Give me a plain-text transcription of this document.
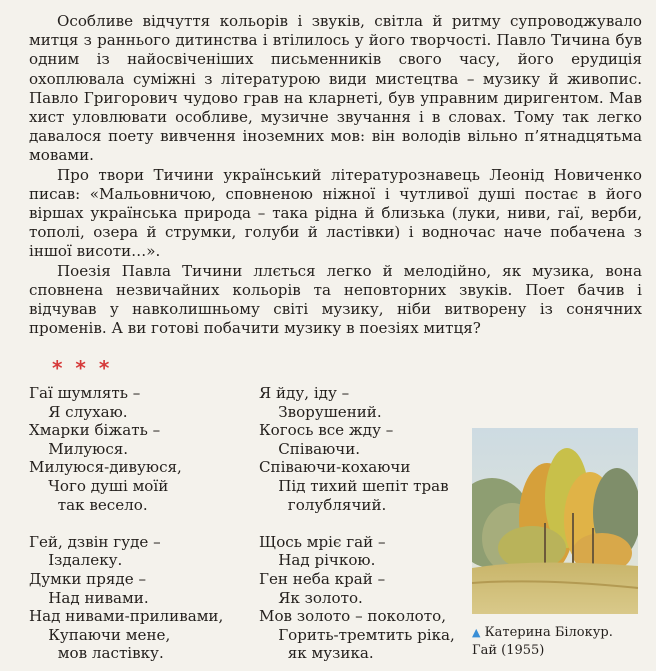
Особливе відчуття кольорів і звуків, світла й ритму супроводжувало митця з раннього дитинства і втілилось у його творчості. Павло Тичина був одним із найосвіченіших письменників свого часу, його ерудиція охоплювала суміжні з літературою види мистецтва – музику й живопис. Павло Григорович чудово грав на кларнеті, був управним диригентом. Мав хист уловлювати особливе, музичне звучання і в словах. Тому так легко давалося поету вивчення іноземних мов: він володів вільно п’ятнадцятьма мовами.

Про твори Тичини український літературознавець Леонід Новиченко писав: «Мальовничою, сповненою ніжної і чутливої душі постає в його віршах українська природа – така рідна й близька (луки, ниви, гаї, верби, тополі, озера й струмки, голуби й ластівки) і водночас наче побачена з іншої висоти…».

Поезія Павла Тичини ллється легко й мелодійно, як музика, вона сповнена незвичайних кольорів та неповторних звуків. Поет бачив і відчував у навколишньому світі музику, ніби витворену із сонячних променів. А ви готові побачити музику в поезіях митця?

* * *
Гаї шумлять –
Я слухаю.
Хмарки біжать –
Милуюся.
Милуюся-дивуюся,
Чого душі моїй
так весело.
Гей, дзвін гуде –
Іздалеку.
Думки пряде –
Над нивами.
Над нивами-приливами,
Купаючи мене,
мов ластівку.
Я йду, іду –
Зворушений.
Когось все жду –
Співаючи.
Співаючи-кохаючи
Під тихий шепіт трав
голублячий.
Щось мріє гай –
Над річкою.
Ген неба край –
Як золото.
Мов золото – поколото,
Горить-тремтить ріка,
як музика.
▲ Катерина Білокур.
Гай (1955)
